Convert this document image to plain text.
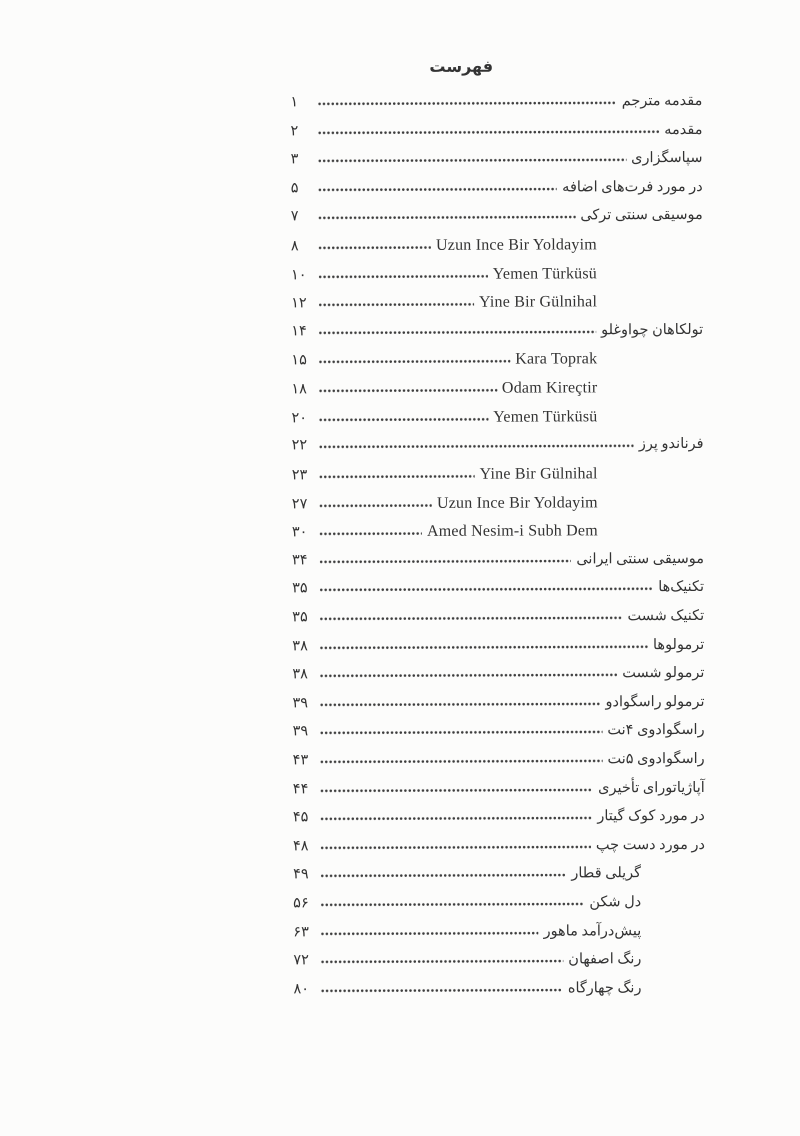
فهرست
مقدمه مترجم
۱
مقدمه
۲
سپاسگزاری
۳
در مورد فرت‌های اضافه
۵
موسیقی سنتی ترکی
۷
Uzun Ince Bir Yoldayim
۸
Yemen Türküsü
۱۰
Yine Bir Gülnihal
۱۲
تولکاهان چواوغلو
۱۴
Kara Toprak
۱۵
Odam Kireçtir
۱۸
Yemen Türküsü
۲۰
فرناندو پرز
۲۲
Yine Bir Gülnihal
۲۳
Uzun Ince Bir Yoldayim
۲۷
Amed Nesim-i Subh Dem
۳۰
موسیقی سنتی ایرانی
۳۴
تکنیک‌ها
۳۵
تکنیک شست
۳۵
ترمولوها
۳۸
ترمولو شست
۳۸
ترمولو راسگوادو
۳۹
راسگوادوی ۴نت
۳۹
راسگوادوی ۵نت
۴۳
آپاژیاتورای تأخیری
۴۴
در مورد کوک گیتار
۴۵
در مورد دست چپ
۴۸
گریلی قطار
۴۹
دل شکن
۵۶
پیش‌درآمد ماهور
۶۳
رنگ اصفهان
۷۲
رنگ چهارگاه
۸۰
